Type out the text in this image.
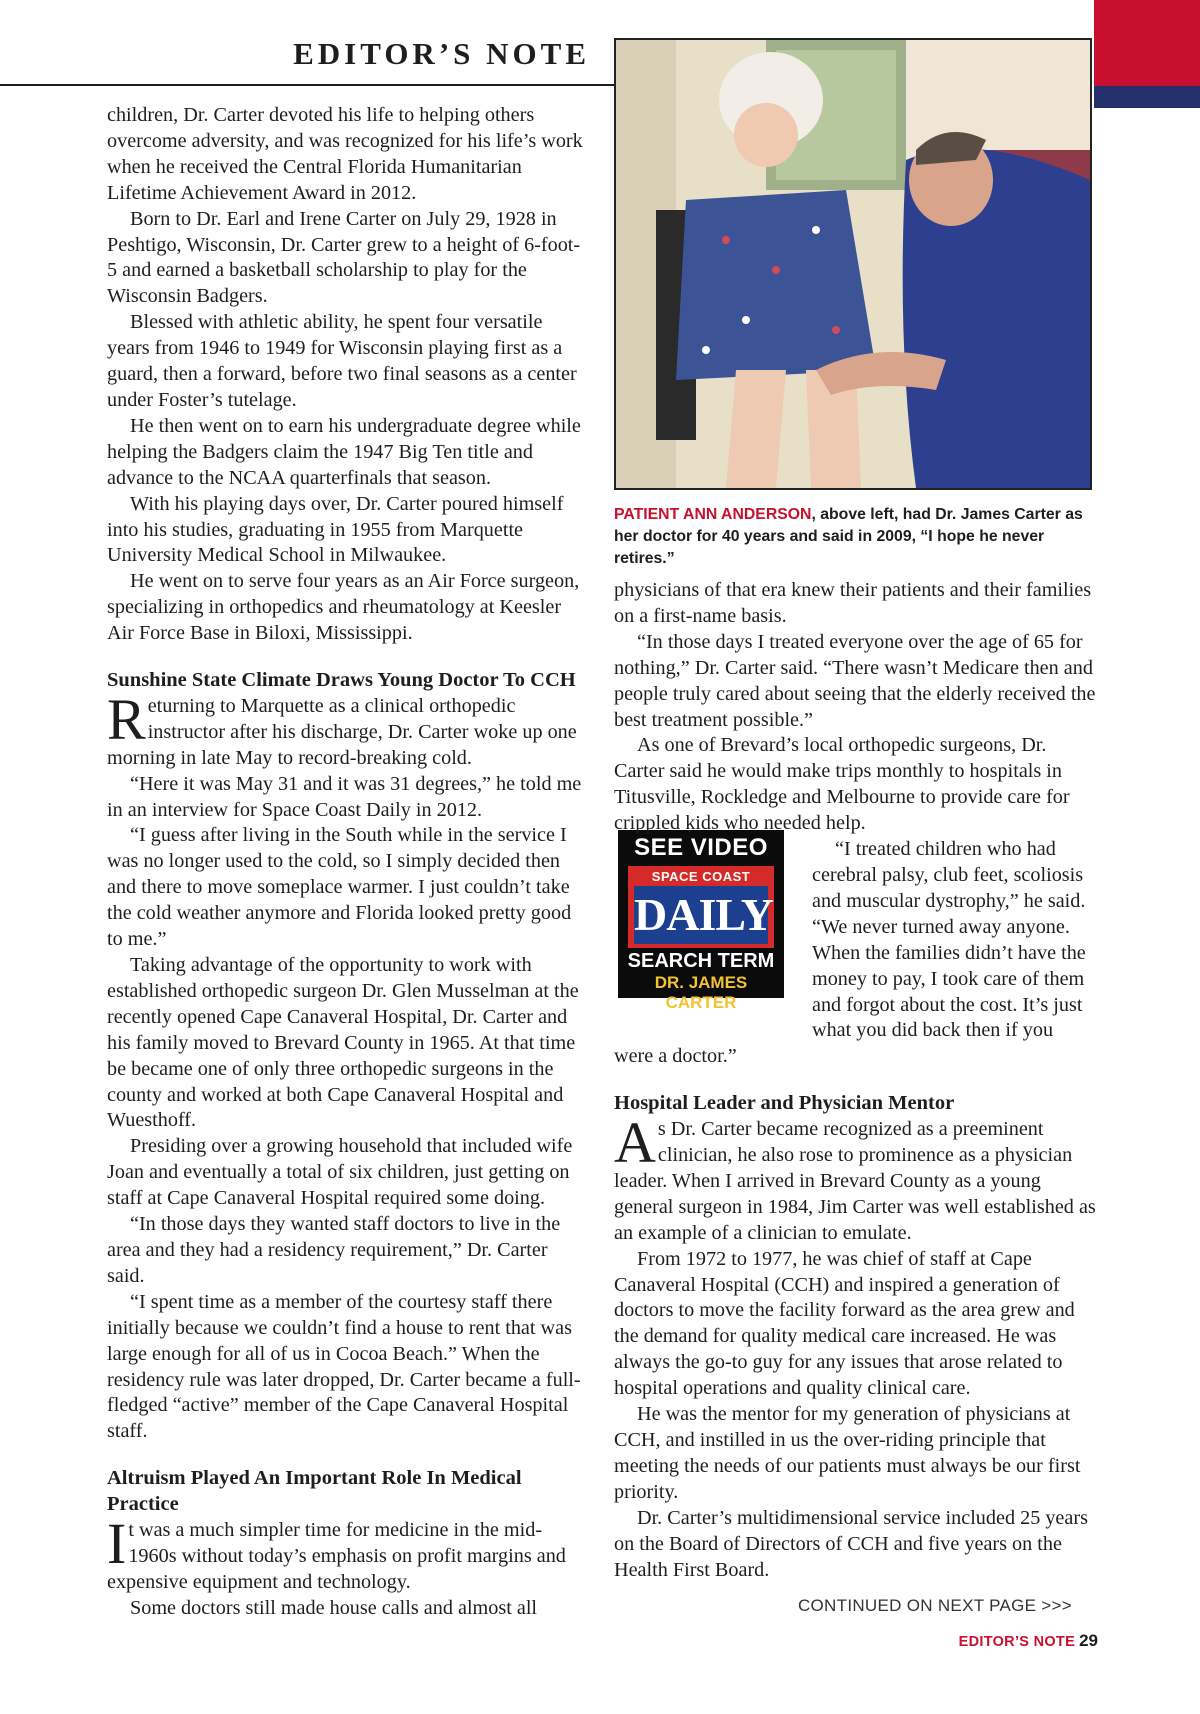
EDITOR’S NOTE

children, Dr. Carter devoted his life to helping others overcome adversity, and was recognized for his life’s work when he received the Central Florida Humanitarian Lifetime Achievement Award in 2012.

Born to Dr. Earl and Irene Carter on July 29, 1928 in Peshtigo, Wisconsin, Dr. Carter grew to a height of 6-foot-5 and earned a basketball scholarship to play for the Wisconsin Badgers.

Blessed with athletic ability, he spent four versatile years from 1946 to 1949 for Wisconsin playing first as a guard, then a forward, before two final seasons as a center under Foster’s tutelage.

He then went on to earn his undergraduate degree while helping the Badgers claim the 1947 Big Ten title and advance to the NCAA quarterfinals that season.

With his playing days over, Dr. Carter poured himself into his studies, graduating in 1955 from Marquette University Medical School in Milwaukee.

He went on to serve four years as an Air Force surgeon, specializing in orthopedics and rheumatology at Keesler Air Force Base in Biloxi, Mississippi.

Sunshine State Climate Draws Young Doctor To CCH

Returning to Marquette as a clinical orthopedic instructor after his discharge, Dr. Carter woke up one morning in late May to record-breaking cold.

“Here it was May 31 and it was 31 degrees,” he told me in an interview for Space Coast Daily in 2012.

“I guess after living in the South while in the service I was no longer used to the cold, so I simply decided then and there to move someplace warmer. I just couldn’t take the cold weather anymore and Florida looked pretty good to me.”

Taking advantage of the opportunity to work with established orthopedic surgeon Dr. Glen Musselman at the recently opened Cape Canaveral Hospital, Dr. Carter and his family moved to Brevard County in 1965. At that time be became one of only three orthopedic surgeons in the county and worked at both Cape Canaveral Hospital and Wuesthoff.

Presiding over a growing household that included wife Joan and eventually a total of six children, just getting on staff at Cape Canaveral Hospital required some doing.

“In those days they wanted staff doctors to live in the area and they had a residency requirement,” Dr. Carter said.

“I spent time as a member of the courtesy staff there initially because we couldn’t find a house to rent that was large enough for all of us in Cocoa Beach.” When the residency rule was later dropped, Dr. Carter became a full-fledged “active” member of the Cape Canaveral Hospital staff.

Altruism Played An Important Role In Medical Practice

It was a much simpler time for medicine in the mid-1960s without today’s emphasis on profit margins and expensive equipment and technology.

Some doctors still made house calls and almost all

PATIENT ANN ANDERSON, above left, had Dr. James Carter as her doctor for 40 years and said in 2009, “I hope he never retires.”

SEE VIDEO
SPACE COAST
DAILY
SEARCH TERM
DR. JAMES CARTER

physicians of that era knew their patients and their families on a first-name basis.

“In those days I treated everyone over the age of 65 for nothing,” Dr. Carter said. “There wasn’t Medicare then and people truly cared about seeing that the elderly received the best treatment possible.”

As one of Brevard’s local orthopedic surgeons, Dr. Carter said he would make trips monthly to hospitals in Titusville, Rockledge and Melbourne to provide care for crippled kids who needed help.

“I treated children who had cerebral palsy, club feet, scoliosis and muscular dystrophy,” he said. “We never turned away anyone. When the families didn’t have the money to pay, I took care of them and forgot about the cost. It’s just what you did back then if you were a doctor.”

Hospital Leader and Physician Mentor

As Dr. Carter became recognized as a preeminent clinician, he also rose to prominence as a physician leader. When I arrived in Brevard County as a young general surgeon in 1984, Jim Carter was well established as an example of a clinician to emulate.

From 1972 to 1977, he was chief of staff at Cape Canaveral Hospital (CCH) and inspired a generation of doctors to move the facility forward as the area grew and the demand for quality medical care increased. He was always the go-to guy for any issues that arose related to hospital operations and quality clinical care.

He was the mentor for my generation of physicians at CCH, and instilled in us the over-riding principle that meeting the needs of our patients must always be our first priority.

Dr. Carter’s multidimensional service included 25 years on the Board of Directors of CCH and five years on the Health First Board.

CONTINUED ON NEXT PAGE >>>
EDITOR’S NOTE 29
